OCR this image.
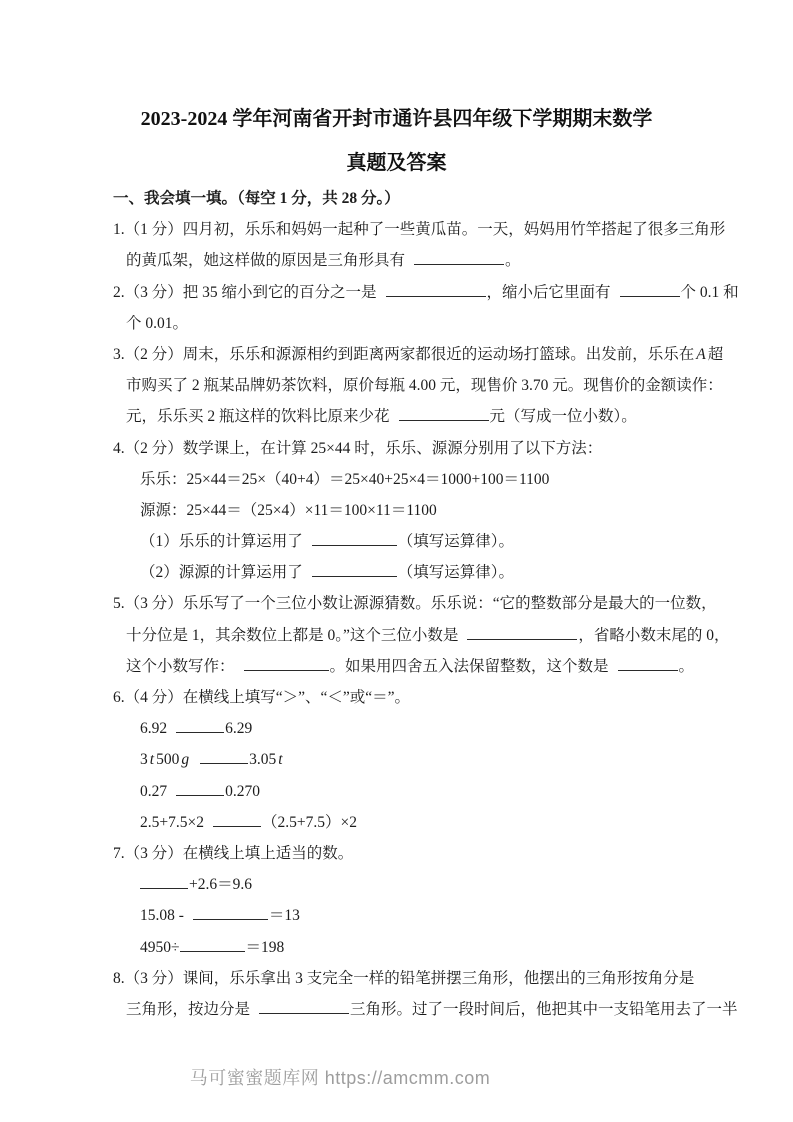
2023-2024 学年河南省开封市通许县四年级下学期期末数学
真题及答案
一、我会填一填。（每空 1 分，共 28 分。）
1.（1 分）四月初，乐乐和妈妈一起种了一些黄瓜苗。一天，妈妈用竹竿搭起了很多三角形
的黄瓜架，她这样做的原因是三角形具有	。
2.（3 分）把 35 缩小到它的百分之一是	，缩小后它里面有	个 0.1 和
个 0.01。
3.（2 分）周末，乐乐和源源相约到距离两家都很近的运动场打篮球。出发前，乐乐在 A 超
市购买了 2 瓶某品牌奶茶饮料，原价每瓶 4.00 元，现售价 3.70 元。现售价的金额读作：
元，乐乐买 2 瓶这样的饮料比原来少花	元（写成一位小数）。
4.（2 分）数学课上，在计算 25×44 时，乐乐、源源分别用了以下方法：
乐乐：25×44＝25×（40+4）＝25×40+25×4＝1000+100＝1100
源源：25×44＝（25×4）×11＝100×11＝1100
（1）乐乐的计算运用了	（填写运算律）。
（2）源源的计算运用了	（填写运算律）。
5.（3 分）乐乐写了一个三位小数让源源猜数。乐乐说：“它的整数部分是最大的一位数，
十分位是 1，其余数位上都是 0。”这个三位小数是	，省略小数末尾的 0，
这个小数写作：	。如果用四舍五入法保留整数，这个数是	。
6.（4 分）在横线上填写“＞”、“＜”或“＝”。
6.92	6.29
3 t 500 g	3.05 t
0.27	0.270
2.5+7.5×2	（2.5+7.5）×2
7.（3 分）在横线上填上适当的数。
+2.6＝9.6
15.08 -	＝13
4950÷	＝198
8.（3 分）课间，乐乐拿出 3 支完全一样的铅笔拼摆三角形，他摆出的三角形按角分是
三角形，按边分是	三角形。过了一段时间后，他把其中一支铅笔用去了一半
马可蜜蜜题库网 https://amcmm.com
